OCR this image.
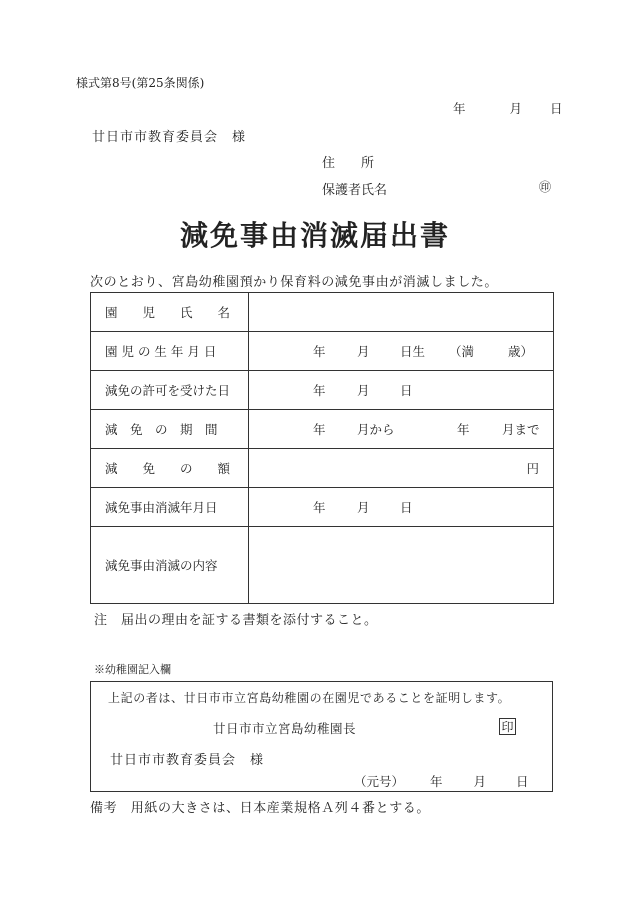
様式第8号(第25条関係)
年	月 日
廿日市市教育委員会　様
住　　所
保護者氏名	㊞
減免事由消滅届出書
次のとおり、宮島幼稚園預かり保育料の減免事由が消滅しました。
園　　児　　氏　　名	
園 児 の 生 年 月 日	年 月 日生 （満 歳）

減免の許可を受けた日	年 月 日

減　免　の　期　間	年 月から 年 月まで

減　　免　　の　　額	円

減免事由消滅年月日	年 月 日

減免事由消滅の内容	
注　届出の理由を証する書類を添付すること。
※幼稚園記入欄
上記の者は、廿日市市立宮島幼稚園の在園児であることを証明します。
廿日市市立宮島幼稚園長	印
廿日市市教育委員会　様
（元号） 年 月 日
備考　用紙の大きさは、日本産業規格Ａ列４番とする。
